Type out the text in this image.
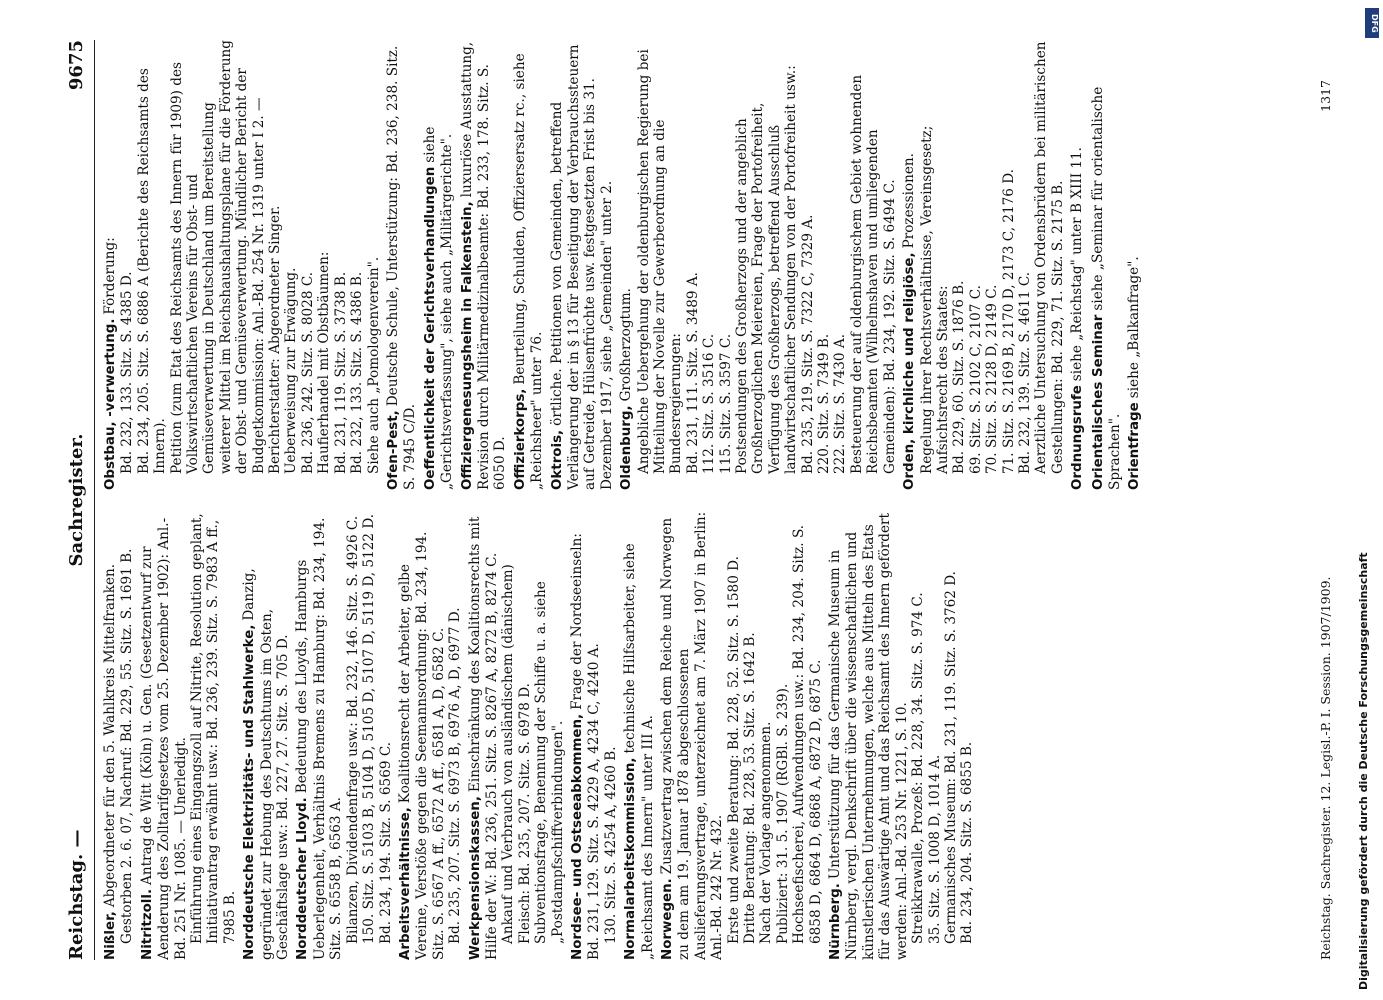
Reichstag. —
Sachregister.
9675
Nißler,Abgeordneter für den 5. Wahlkreis Mittelfranken. Gestorben 2. 6. 07, Nachruf: Bd. 229, 55. Sitz. S. 1691 B. Nitritzoll.Antrag de Witt (Köln) u. Gen. (Gesetzentwurf zur Aenderung des Zolltarifgesetzes vom 25. Dezember 1902): Anl.-Bd. 251 Nr. 1085. — Unerledigt. Einführung eines Eingangszoll auf Nitrite, Resolution geplant, Initiativantrag erwähnt usw.: Bd. 236, 239. Sitz. S. 7983 A ff., 7985 B. Norddeutsche Elektrizitäts- und Stahlwerke,Danzig, gegründet zur Hebung des Deutschtums im Osten, Geschäftslage usw.: Bd. 227, 27. Sitz. S. 705 D. Norddeutscher Lloyd.Bedeutung des Lloyds, Hamburgs Ueberlegenheit, Verhältnis Bremens zu Hamburg: Bd. 234, 194. Sitz. S. 6558 B, 6563 A. Bilanzen, Dividendenfrage usw.: Bd. 232, 146. Sitz. S. 4926 C. 150. Sitz. S. 5103 B, 5104 D, 5105 D, 5107 D, 5119 D, 5122 D. Bd. 234, 194. Sitz. S. 6569 C. Arbeitsverhältnisse,Koalitionsrecht der Arbeiter, gelbe Vereine, Verstöße gegen die Seemannsordnung: Bd. 234, 194. Sitz. S. 6567 A ff., 6572 A ff., 6581 A, D, 6582 C. Bd. 235, 207. Sitz. S. 6973 B, 6976 A, D, 6977 D. Werkpensionskassen,Einschränkung des Koalitionsrechts mit Hilfe der W.: Bd. 236, 251. Sitz. S. 8267 A, 8272 B, 8274 C. Ankauf und Verbrauch von ausländischem (dänischem) Fleisch: Bd. 235, 207. Sitz. S. 6978 D. Subventionsfrage, Benennung der Schiffe u. a. siehe „Postdampfschiffverbindungen". Nordsee- und Ostseeabkommen,Frage der Nordseeinseln: Bd. 231, 129. Sitz. S. 4229 A, 4234 C, 4240 A. 130. Sitz. S. 4254 A, 4260 B. Normalarbeitskommission,technische Hilfsarbeiter, siehe „Reichsamt des Innern" unter III A. Norwegen.Zusatzvertrag zwischen dem Reiche und Norwegen zu dem am 19. Januar 1878 abgeschlossenen Auslieferungsvertrage, unterzeichnet am 7. März 1907 in Berlin: Anl.-Bd. 242 Nr. 432. Erste und zweite Beratung: Bd. 228, 52. Sitz. S. 1580 D. Dritte Beratung: Bd. 228, 53. Sitz. S. 1642 B. Nach der Vorlage angenommen. Publiziert: 31. 5. 1907 (RGBl. S. 239). Hochseefischerei, Aufwendungen usw.: Bd. 234, 204. Sitz. S. 6858 D, 6864 D, 6868 A, 6872 D, 6875 C. Nürnberg.Unterstützung für das Germanische Museum in Nürnberg, vergl. Denkschrift über die wissenschaftlichen und künstlerischen Unternehmungen, welche aus Mitteln des Etats für das Auswärtige Amt und das Reichsamt des Innern gefördert werden: Anl.-Bd. 253 Nr. 1221, S. 10. Streikkrawalle, Prozeß: Bd. 228, 34. Sitz. S. 974 C. 35. Sitz. S. 1008 D, 1014 A. Germanisches Museum: Bd. 231, 119. Sitz. S. 3762 D. Bd. 234, 204. Sitz. S. 6855 B.
Obstbau, -verwertung.Förderung: Bd. 232, 133. Sitz. S. 4385 D. Bd. 234, 205. Sitz. S. 6886 A (Berichte des Reichsamts des Innern). Petition (zum Etat des Reichsamts des Innern für 1909) des Volkswirtschaftlichen Vereins für Obst- und Gemüseverwertung in Deutschland um Bereitstellung weiterer Mittel im Reichshaushaltungsplane für die Förderung der Obst- und Gemüseverwertung. Mündlicher Bericht der Budgetkommission: Anl.-Bd. 254 Nr. 1319 unter I 2. — Berichterstatter: Abgeordneter Singer. Ueberweisung zur Erwägung. Bd. 236, 242. Sitz. S. 8028 C. Haufierhandel mit Obstbäumen: Bd. 231, 119. Sitz. S. 3738 B. Bd. 232, 133. Sitz. S. 4386 B. Siehe auch „Pomologenverein". Ofen-Pest,Deutsche Schule, Unterstützung: Bd. 236, 238. Sitz. S. 7945 C/D. Oeffentlichkeit der Gerichtsverhandlungensiehe „Gerichtsverfassung", siehe auch „Militärgerichte". Offiziergenesungsheim in Falkenstein,luxuriöse Ausstattung, Revision durch Militärmedizinalbeamte: Bd. 233, 178. Sitz. S. 6050 D. Offizierkorps,Beurteilung, Schulden, Offiziersersatz rc., siehe „Reichsheer" unter 76. Oktrois,örtliche. Petitionen von Gemeinden, betreffend Verlängerung der in § 13 für Beseitigung der Verbrauchssteuern auf Getreide, Hülsenfrüchte usw. festgesetzten Frist bis 31. Dezember 1917, siehe „Gemeinden" unter 2. Oldenburg,Großherzogtum. Angebliche Uebergehung der oldenburgischen Regierung bei Mitteilung der Novelle zur Gewerbeordnung an die Bundesregierungen: Bd. 231, 111. Sitz. S. 3489 A. 112. Sitz. S. 3516 C. 115. Sitz. S. 3597 C. Postsendungen des Großherzogs und der angeblich Großherzoglichen Meiereien, Frage der Portofreiheit, Verfügung des Großherzogs, betreffend Ausschluß landwirtschaftlicher Sendungen von der Portofreiheit usw.: Bd. 235, 219. Sitz. S. 7322 C, 7329 A. 220. Sitz. S. 7349 B. 222. Sitz. S. 7430 A. Besteuerung der auf oldenburgischem Gebiet wohnenden Reichsbeamten (Wilhelmshaven und umliegenden Gemeinden): Bd. 234, 192. Sitz. S. 6494 C. Orden, kirchliche und religiöse,Prozessionen. Regelung ihrer Rechtsverhältnisse, Vereinsgesetz; Aufsichtsrecht des Staates: Bd. 229, 60. Sitz. S. 1876 B. 69. Sitz. S. 2102 C, 2107 C. 70. Sitz. S. 2128 D, 2149 C. 71. Sitz. S. 2169 B, 2170 D, 2173 C, 2176 D. Bd. 232, 139. Sitz. S. 4611 C. Aerztliche Untersuchung von Ordensbrüdern bei militärischen Gestellungen: Bd. 229, 71. Sitz. S. 2175 B. Ordnungsrufesiehe „Reichstag" unter B XIII 11.
Orientalisches Seminarsiehe „Seminar für orientalische Sprachen". Orientfragesiehe „Balkanfrage".
Reichstag. Sachregister. 12. Legisl.-P. I. Session. 1907/1909.
1317
Digitalisierung gefördert durch die Deutsche Forschungsgemeinschaft
DFG
